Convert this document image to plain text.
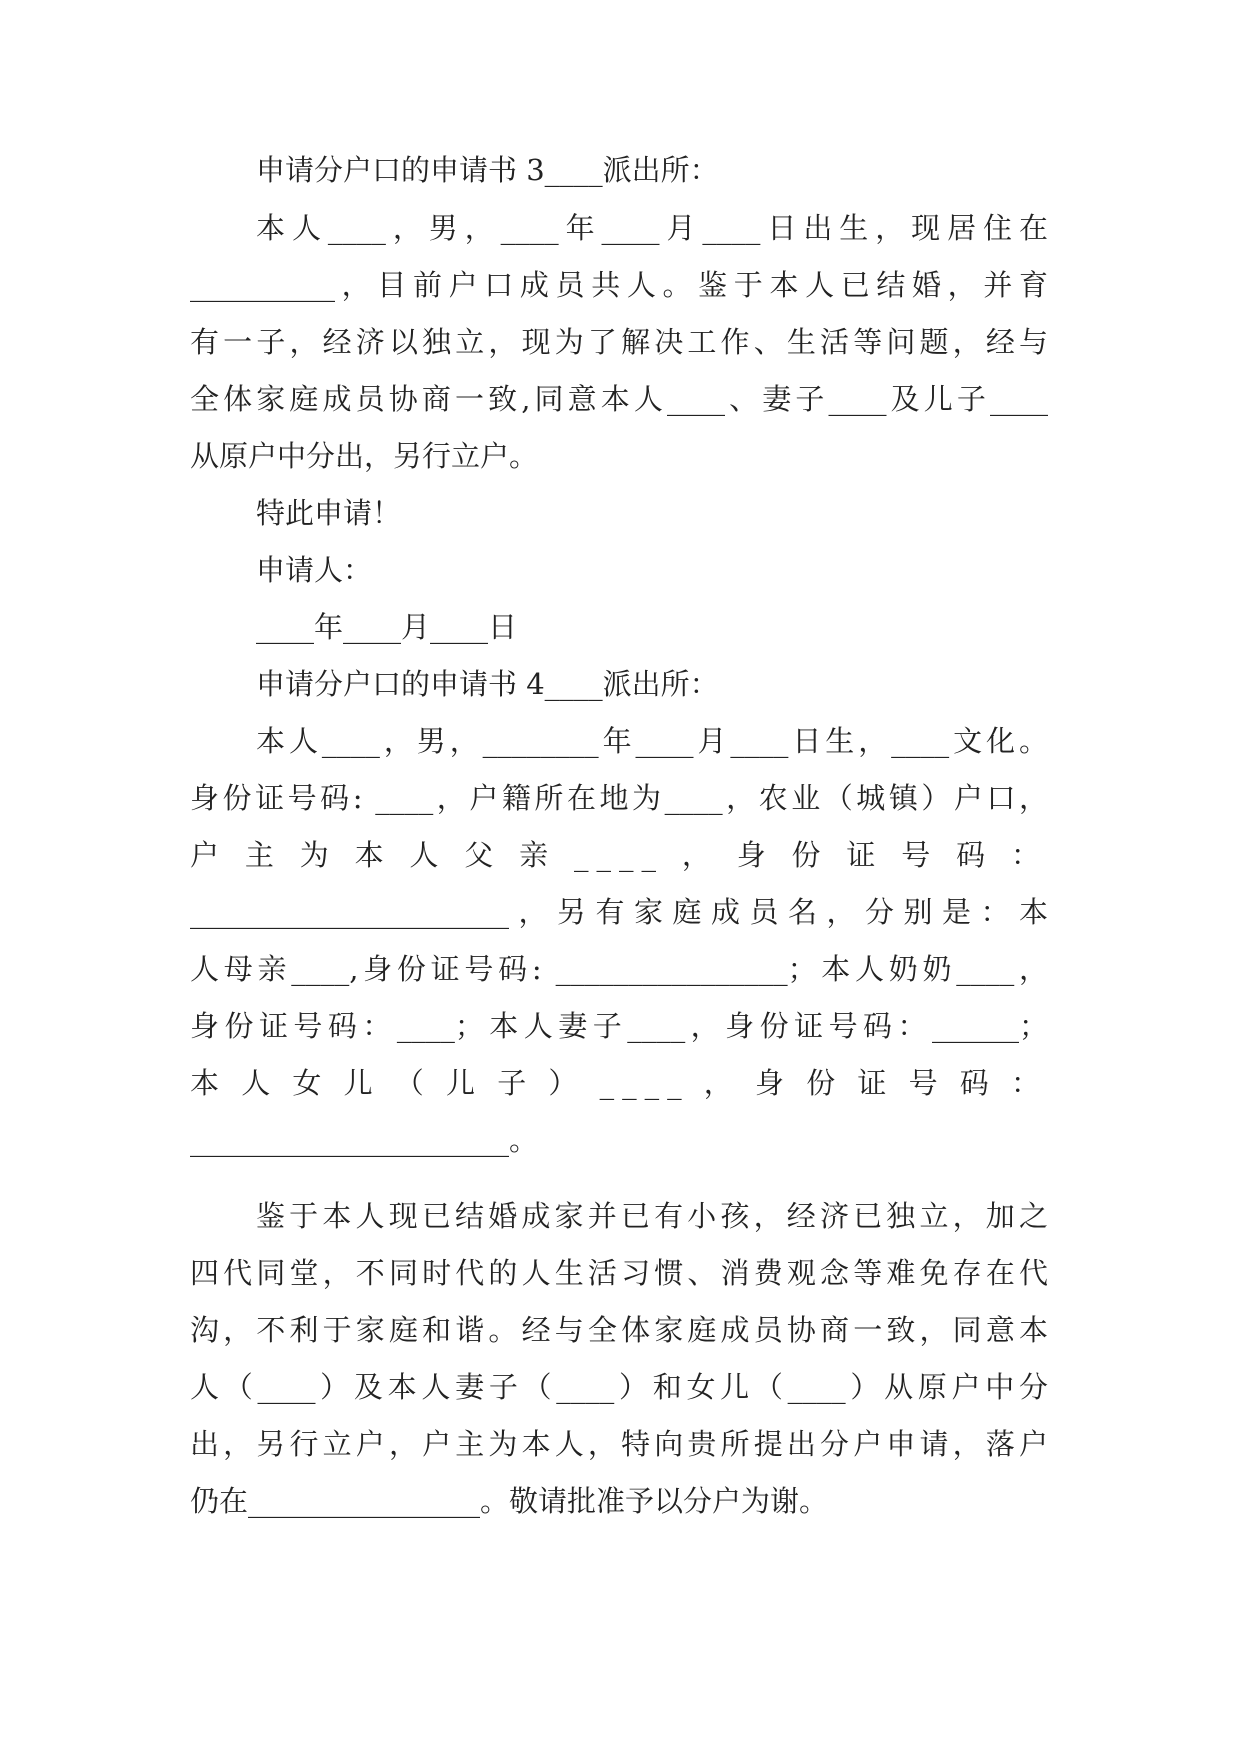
申请分户口的申请书 3____派出所：
本人____，男，____年____月____日出生，现居住在
__________，目前户口成员共人。鉴于本人已结婚，并育
有一子，经济以独立，现为了解决工作、生活等问题，经与
全体家庭成员协商一致,同意本人____、妻子____及儿子____
从原户中分出，另行立户。
特此申请！
申请人：
____年____月____日
申请分户口的申请书 4____派出所：
本人____，男，________年____月____日生，____文化。
身份证号码: ____，户籍所在地为____，农业（城镇）户口，
户主为本人父亲____，身份证号码：
______________________，另有家庭成员名，分别是：本
人母亲____,身份证号码: ________________；本人奶奶____，
身份证号码：____；本人妻子____，身份证号码：______；
本人女儿（儿子）____，身份证号码：
______________________。
鉴于本人现已结婚成家并已有小孩，经济已独立，加之
四代同堂，不同时代的人生活习惯、消费观念等难免存在代
沟，不利于家庭和谐。经与全体家庭成员协商一致，同意本
人（____）及本人妻子（____）和女儿（____）从原户中分
出，另行立户，户主为本人，特向贵所提出分户申请，落户
仍在________________。敬请批准予以分户为谢。
